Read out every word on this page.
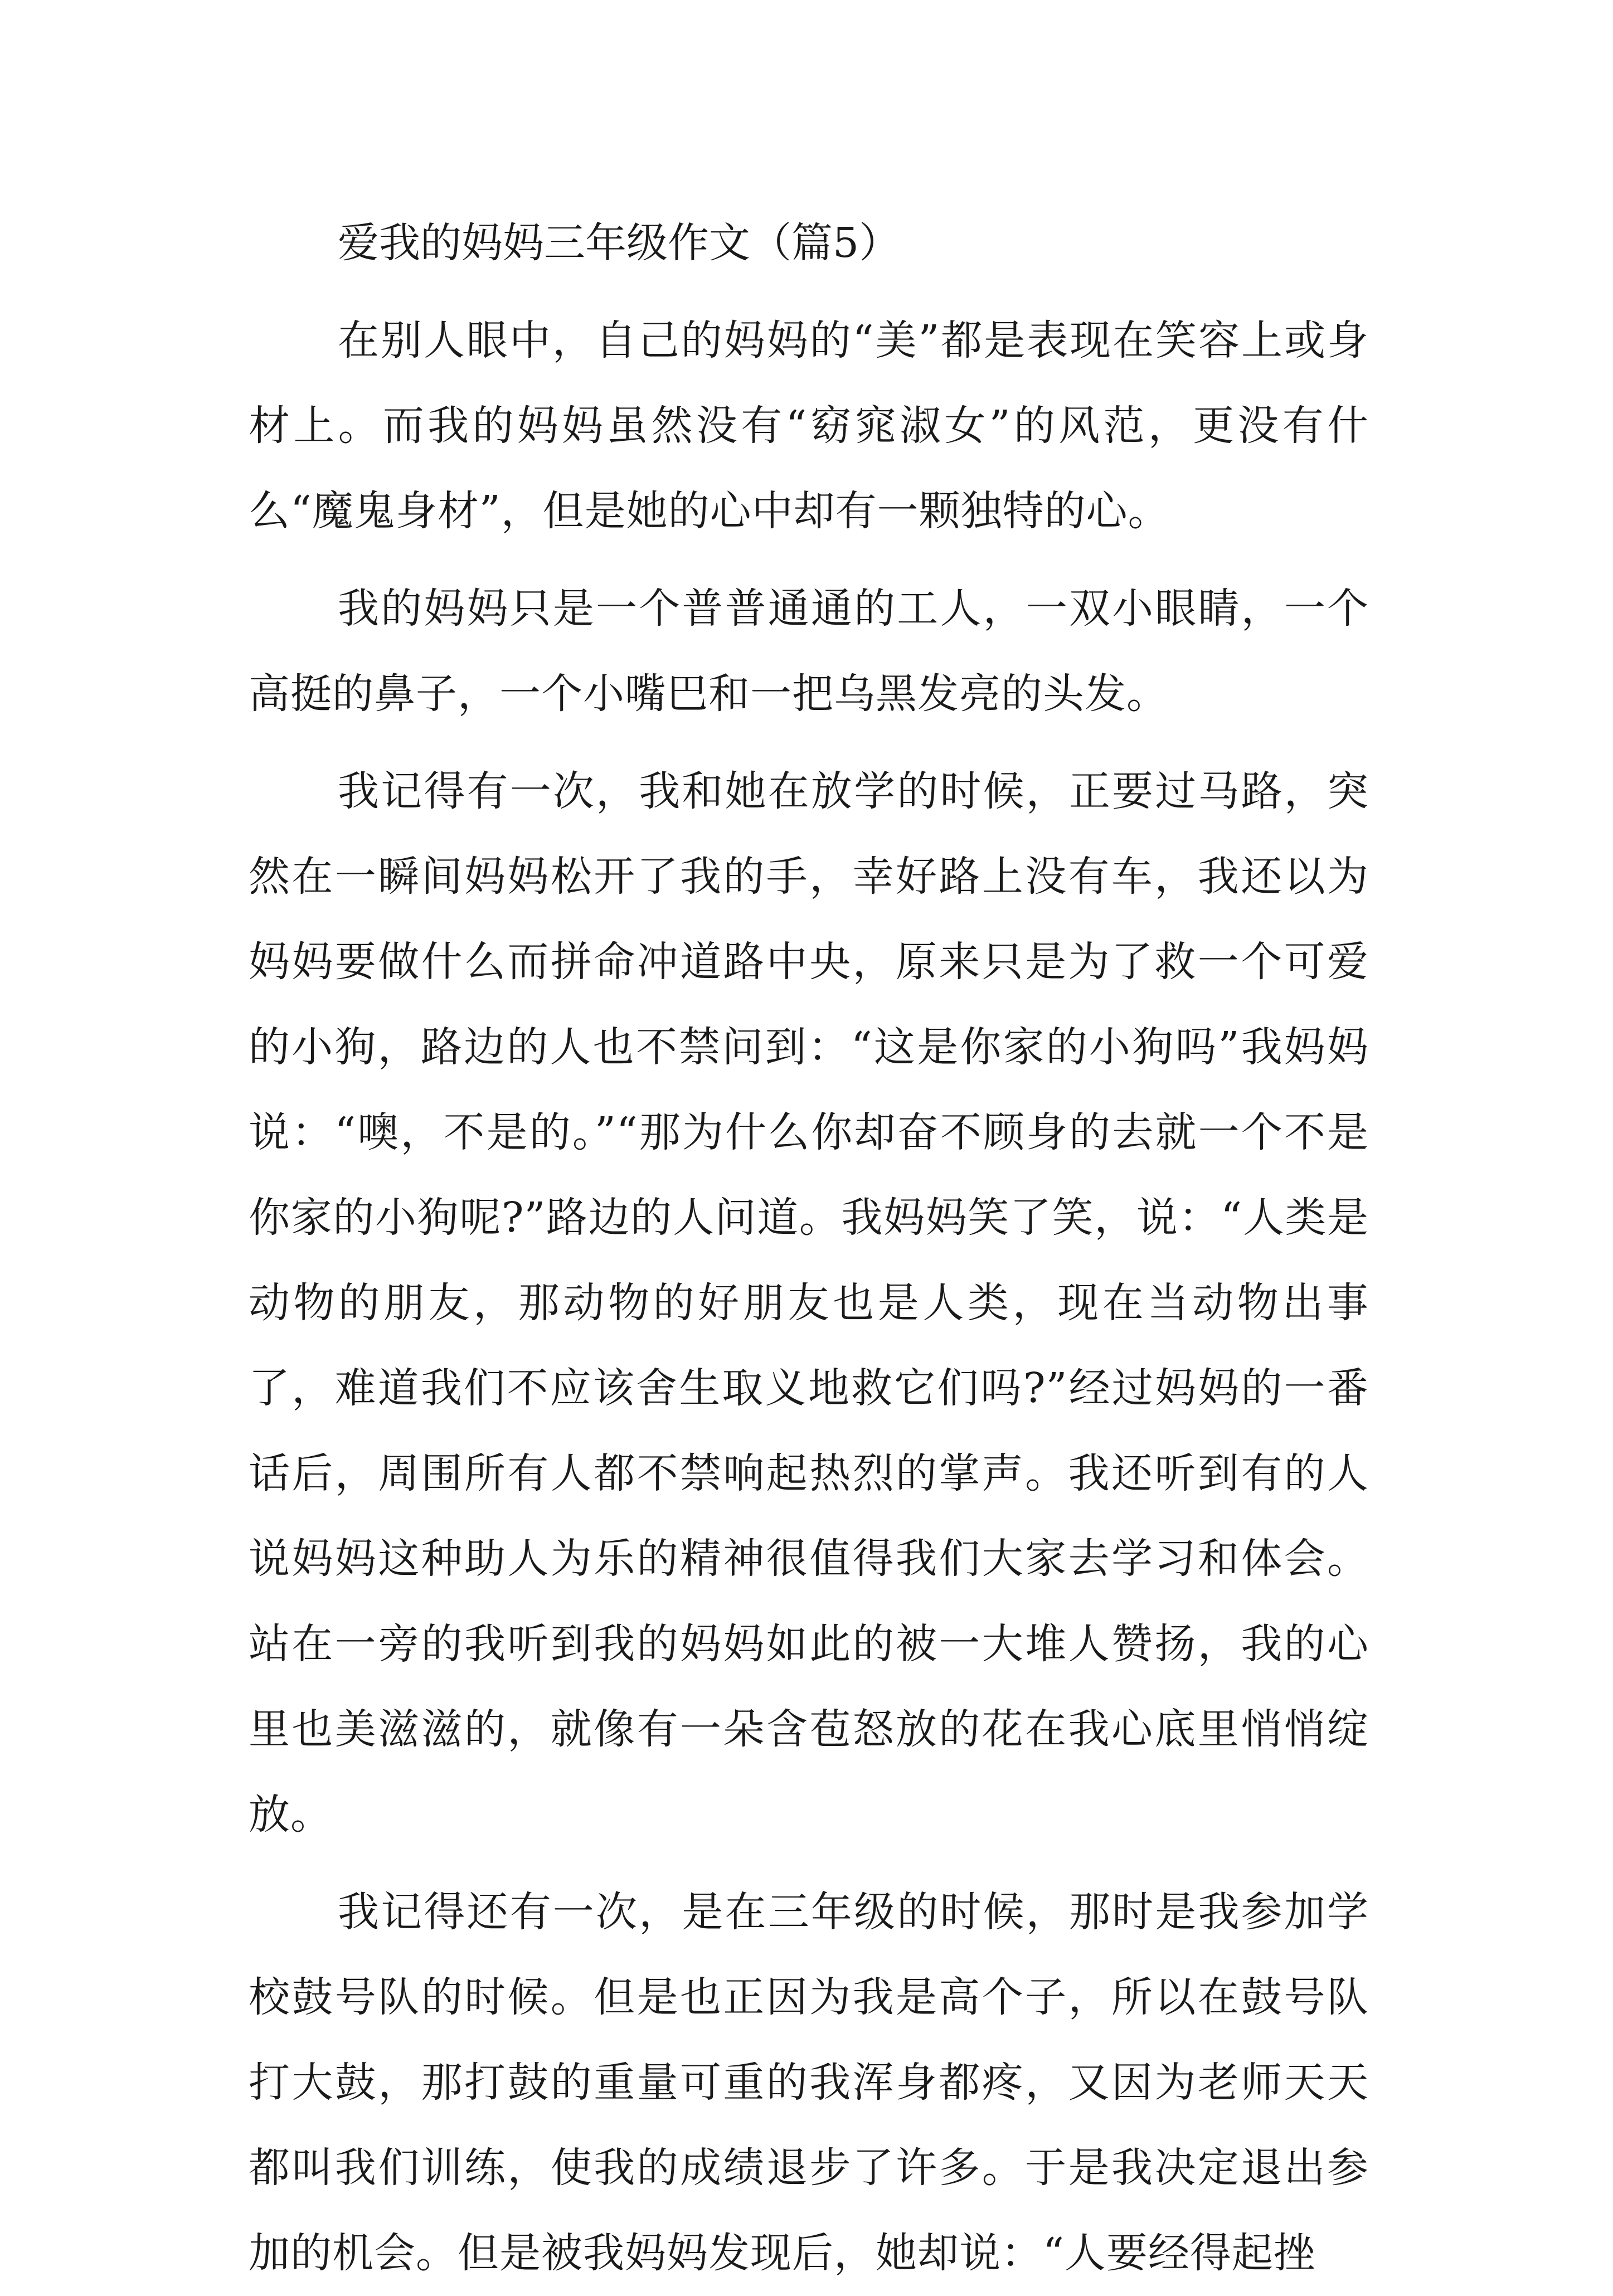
爱我的妈妈三年级作文（篇5）

在别人眼中，自己的妈妈的“美”都是表现在笑容上或身材上。而我的妈妈虽然没有“窈窕淑女”的风范，更没有什么“魔鬼身材”，但是她的心中却有一颗独特的心。

我的妈妈只是一个普普通通的工人，一双小眼睛，一个高挺的鼻子，一个小嘴巴和一把乌黑发亮的头发。

我记得有一次，我和她在放学的时候，正要过马路，突然在一瞬间妈妈松开了我的手，幸好路上没有车，我还以为妈妈要做什么而拼命冲道路中央，原来只是为了救一个可爱的小狗，路边的人也不禁问到：“这是你家的小狗吗”我妈妈说：“噢，不是的。”“那为什么你却奋不顾身的去就一个不是你家的小狗呢?”路边的人问道。我妈妈笑了笑，说：“人类是动物的朋友，那动物的好朋友也是人类，现在当动物出事了，难道我们不应该舍生取义地救它们吗?”经过妈妈的一番话后，周围所有人都不禁响起热烈的掌声。我还听到有的人说妈妈这种助人为乐的精神很值得我们大家去学习和体会。站在一旁的我听到我的妈妈如此的被一大堆人赞扬，我的心里也美滋滋的，就像有一朵含苞怒放的花在我心底里悄悄绽放。

我记得还有一次，是在三年级的时候，那时是我参加学校鼓号队的时候。但是也正因为我是高个子，所以在鼓号队打大鼓，那打鼓的重量可重的我浑身都疼，又因为老师天天都叫我们训练，使我的成绩退步了许多。于是我决定退出参加的机会。但是被我妈妈发现后，她却说：“人要经得起挫
